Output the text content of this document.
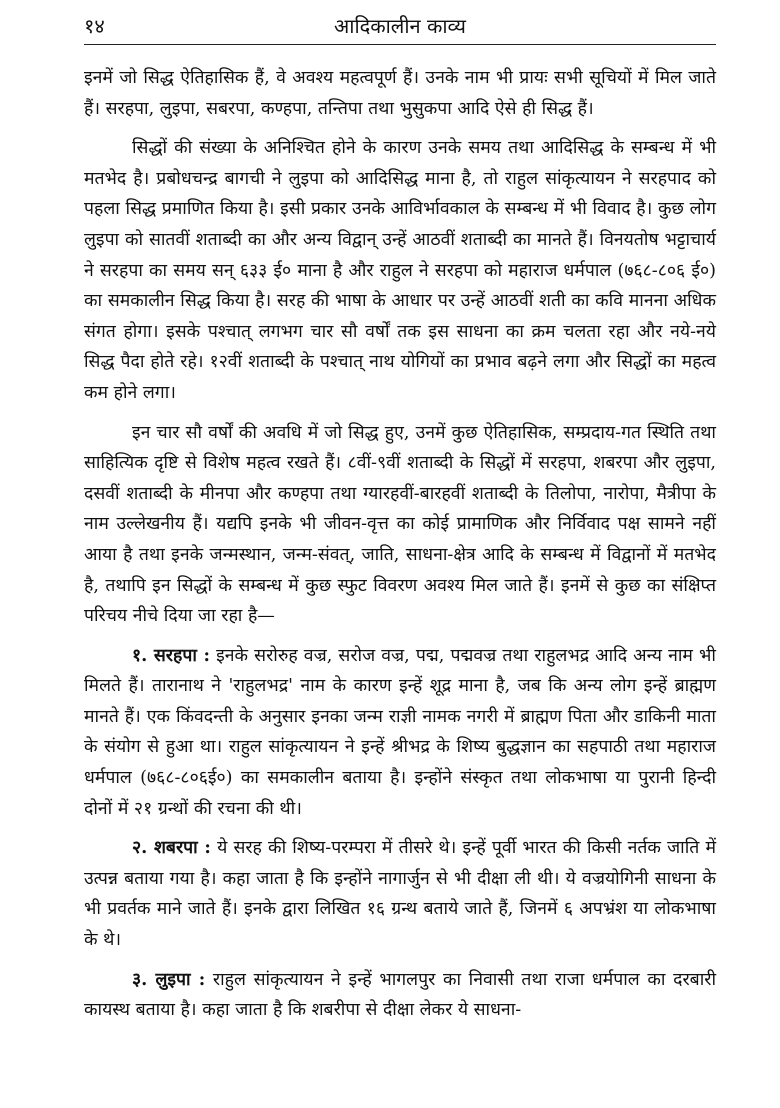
१४	आदिकालीन काव्य

इनमें जो सिद्ध ऐतिहासिक हैं, वे अवश्य महत्वपूर्ण हैं। उनके नाम भी प्रायः सभी सूचियों में मिल जाते हैं। सरहपा, लुइपा, सबरपा, कण्हपा, तन्तिपा तथा भुसुकपा आदि ऐसे ही सिद्ध हैं।

सिद्धों की संख्या के अनिश्चित होने के कारण उनके समय तथा आदिसिद्ध के सम्बन्ध में भी मतभेद है। प्रबोधचन्द्र बागची ने लुइपा को आदिसिद्ध माना है, तो राहुल सांकृत्यायन ने सरहपाद को पहला सिद्ध प्रमाणित किया है। इसी प्रकार उनके आविर्भावकाल के सम्बन्ध में भी विवाद है। कुछ लोग लुइपा को सातवीं शताब्दी का और अन्य विद्वान् उन्हें आठवीं शताब्दी का मानते हैं। विनयतोष भट्टाचार्य ने सरहपा का समय सन् ६३३ ई० माना है और राहुल ने सरहपा को महाराज धर्मपाल (७६८-८०६ ई०) का समकालीन सिद्ध किया है। सरह की भाषा के आधार पर उन्हें आठवीं शती का कवि मानना अधिक संगत होगा। इसके पश्चात् लगभग चार सौ वर्षों तक इस साधना का क्रम चलता रहा और नये-नये सिद्ध पैदा होते रहे। १२वीं शताब्दी के पश्चात् नाथ योगियों का प्रभाव बढ़ने लगा और सिद्धों का महत्व कम होने लगा।

इन चार सौ वर्षों की अवधि में जो सिद्ध हुए, उनमें कुछ ऐतिहासिक, सम्प्रदाय-गत स्थिति तथा साहित्यिक दृष्टि से विशेष महत्व रखते हैं। ८वीं-९वीं शताब्दी के सिद्धों में सरहपा, शबरपा और लुइपा, दसवीं शताब्दी के मीनपा और कण्हपा तथा ग्यारहवीं-बारहवीं शताब्दी के तिलोपा, नारोपा, मैत्रीपा के नाम उल्लेखनीय हैं। यद्यपि इनके भी जीवन-वृत्त का कोई प्रामाणिक और निर्विवाद पक्ष सामने नहीं आया है तथा इनके जन्मस्थान, जन्म-संवत्, जाति, साधना-क्षेत्र आदि के सम्बन्ध में विद्वानों में मतभेद है, तथापि इन सिद्धों के सम्बन्ध में कुछ स्फुट विवरण अवश्य मिल जाते हैं। इनमें से कुछ का संक्षिप्त परिचय नीचे दिया जा रहा है—

१. सरहपा : इनके सरोरुह वज्र, सरोज वज्र, पद्म, पद्मवज्र तथा राहुलभद्र आदि अन्य नाम भी मिलते हैं। तारानाथ ने 'राहुलभद्र' नाम के कारण इन्हें शूद्र माना है, जब कि अन्य लोग इन्हें ब्राह्मण मानते हैं। एक किंवदन्ती के अनुसार इनका जन्म राज्ञी नामक नगरी में ब्राह्मण पिता और डाकिनी माता के संयोग से हुआ था। राहुल सांकृत्यायन ने इन्हें श्रीभद्र के शिष्य बुद्धज्ञान का सहपाठी तथा महाराज धर्मपाल (७६८-८०६ई०) का समकालीन बताया है। इन्होंने संस्कृत तथा लोकभाषा या पुरानी हिन्दी दोनों में २१ ग्रन्थों की रचना की थी।

२. शबरपा : ये सरह की शिष्य-परम्परा में तीसरे थे। इन्हें पूर्वी भारत की किसी नर्तक जाति में उत्पन्न बताया गया है। कहा जाता है कि इन्होंने नागार्जुन से भी दीक्षा ली थी। ये वज्रयोगिनी साधना के भी प्रवर्तक माने जाते हैं। इनके द्वारा लिखित १६ ग्रन्थ बताये जाते हैं, जिनमें ६ अपभ्रंश या लोकभाषा के थे।

३. लुइपा : राहुल सांकृत्यायन ने इन्हें भागलपुर का निवासी तथा राजा धर्मपाल का दरबारी कायस्थ बताया है। कहा जाता है कि शबरीपा से दीक्षा लेकर ये साधना-
